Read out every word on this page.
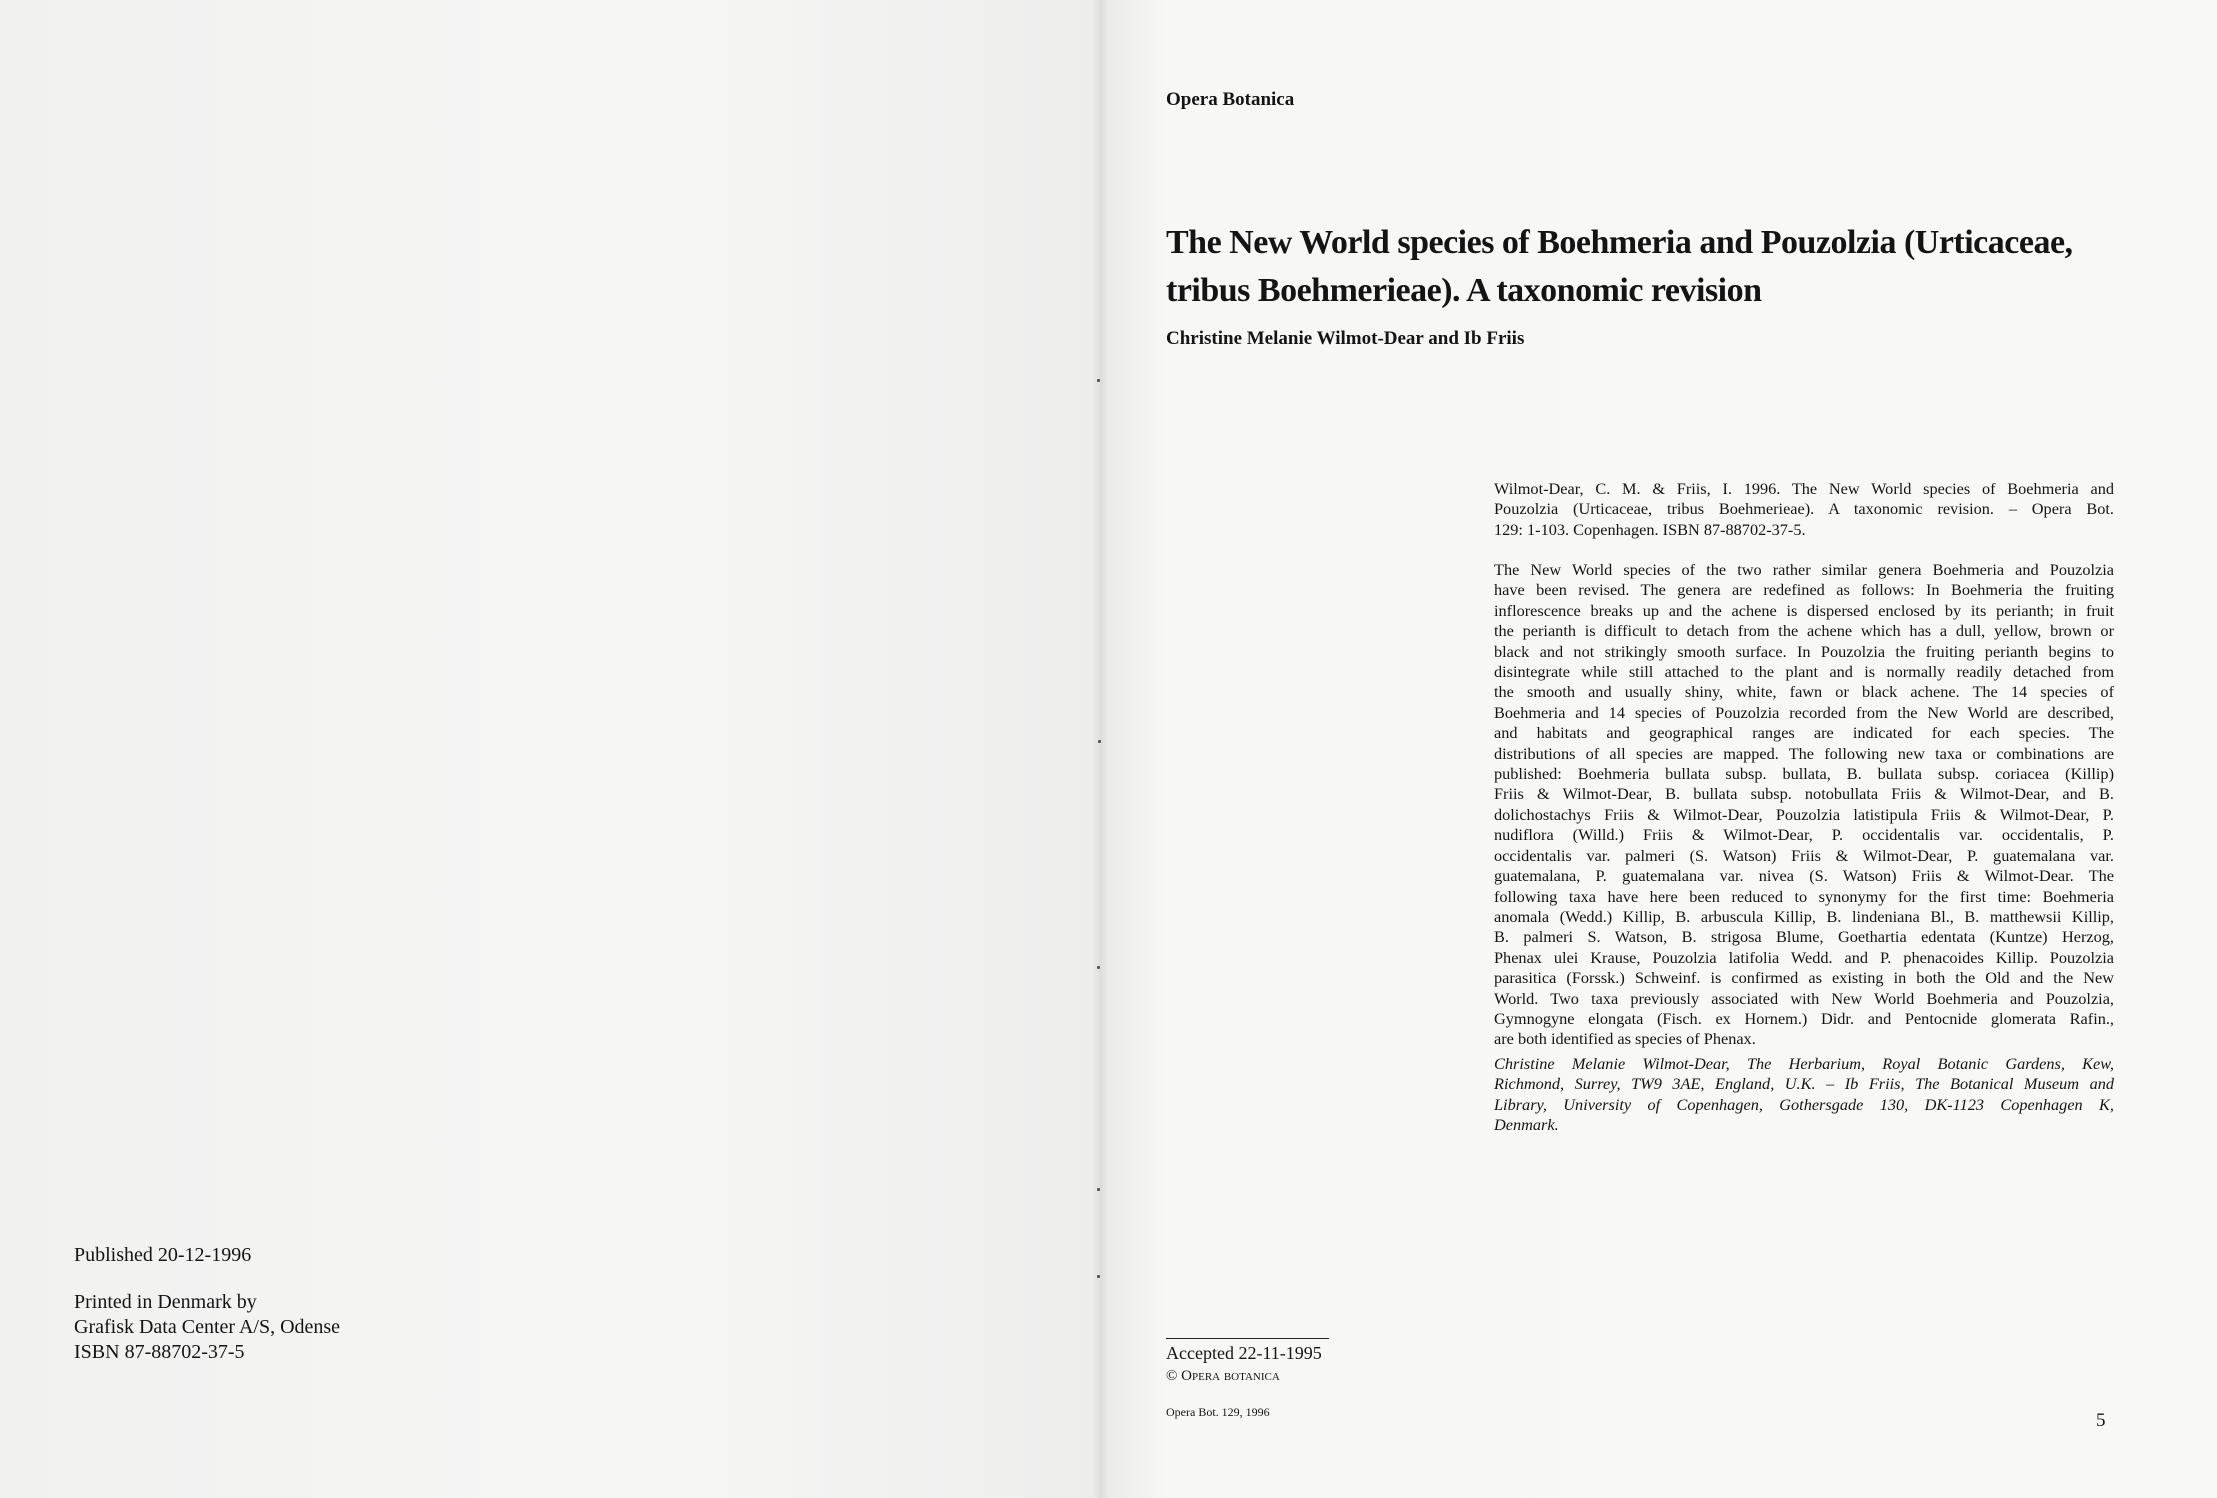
Published 20-12-1996
Printed in Denmark by
Grafisk Data Center A/S, Odense
ISBN 87-88702-37-5
Opera Botanica
The New World species of Boehmeria and Pouzolzia (Urticaceae,
tribus Boehmerieae). A taxonomic revision
Christine Melanie Wilmot-Dear and Ib Friis

Wilmot-Dear, C. M. & Friis, I. 1996. The New World species of Boehmeria and
Pouzolzia (Urticaceae, tribus Boehmerieae). A taxonomic revision. – Opera Bot.
129: 1-103. Copenhagen. ISBN 87-88702-37-5.

The New World species of the two rather similar genera Boehmeria and Pouzolzia
have been revised. The genera are redefined as follows: In Boehmeria the fruiting
inflorescence breaks up and the achene is dispersed enclosed by its perianth; in fruit
the perianth is difficult to detach from the achene which has a dull, yellow, brown or
black and not strikingly smooth surface. In Pouzolzia the fruiting perianth begins to
disintegrate while still attached to the plant and is normally readily detached from
the smooth and usually shiny, white, fawn or black achene. The 14 species of
Boehmeria and 14 species of Pouzolzia recorded from the New World are described,
and habitats and geographical ranges are indicated for each species. The
distributions of all species are mapped. The following new taxa or combinations are
published: Boehmeria bullata subsp. bullata, B. bullata subsp. coriacea (Killip)
Friis & Wilmot-Dear, B. bullata subsp. notobullata Friis & Wilmot-Dear, and B.
dolichostachys Friis & Wilmot-Dear, Pouzolzia latistipula Friis & Wilmot-Dear, P.
nudiflora (Willd.) Friis & Wilmot-Dear, P. occidentalis var. occidentalis, P.
occidentalis var. palmeri (S. Watson) Friis & Wilmot-Dear, P. guatemalana var.
guatemalana, P. guatemalana var. nivea (S. Watson) Friis & Wilmot-Dear. The
following taxa have here been reduced to synonymy for the first time: Boehmeria
anomala (Wedd.) Killip, B. arbuscula Killip, B. lindeniana Bl., B. matthewsii Killip,
B. palmeri S. Watson, B. strigosa Blume, Goethartia edentata (Kuntze) Herzog,
Phenax ulei Krause, Pouzolzia latifolia Wedd. and P. phenacoides Killip. Pouzolzia
parasitica (Forssk.) Schweinf. is confirmed as existing in both the Old and the New
World. Two taxa previously associated with New World Boehmeria and Pouzolzia,
Gymnogyne elongata (Fisch. ex Hornem.) Didr. and Pentocnide glomerata Rafin.,
are both identified as species of Phenax.

Christine Melanie Wilmot-Dear, The Herbarium, Royal Botanic Gardens, Kew,
Richmond, Surrey, TW9 3AE, England, U.K. – Ib Friis, The Botanical Museum and
Library, University of Copenhagen, Gothersgade 130, DK-1123 Copenhagen K,
Denmark.

Accepted 22-11-1995
© Opera botanica
Opera Bot. 129, 1996	5
